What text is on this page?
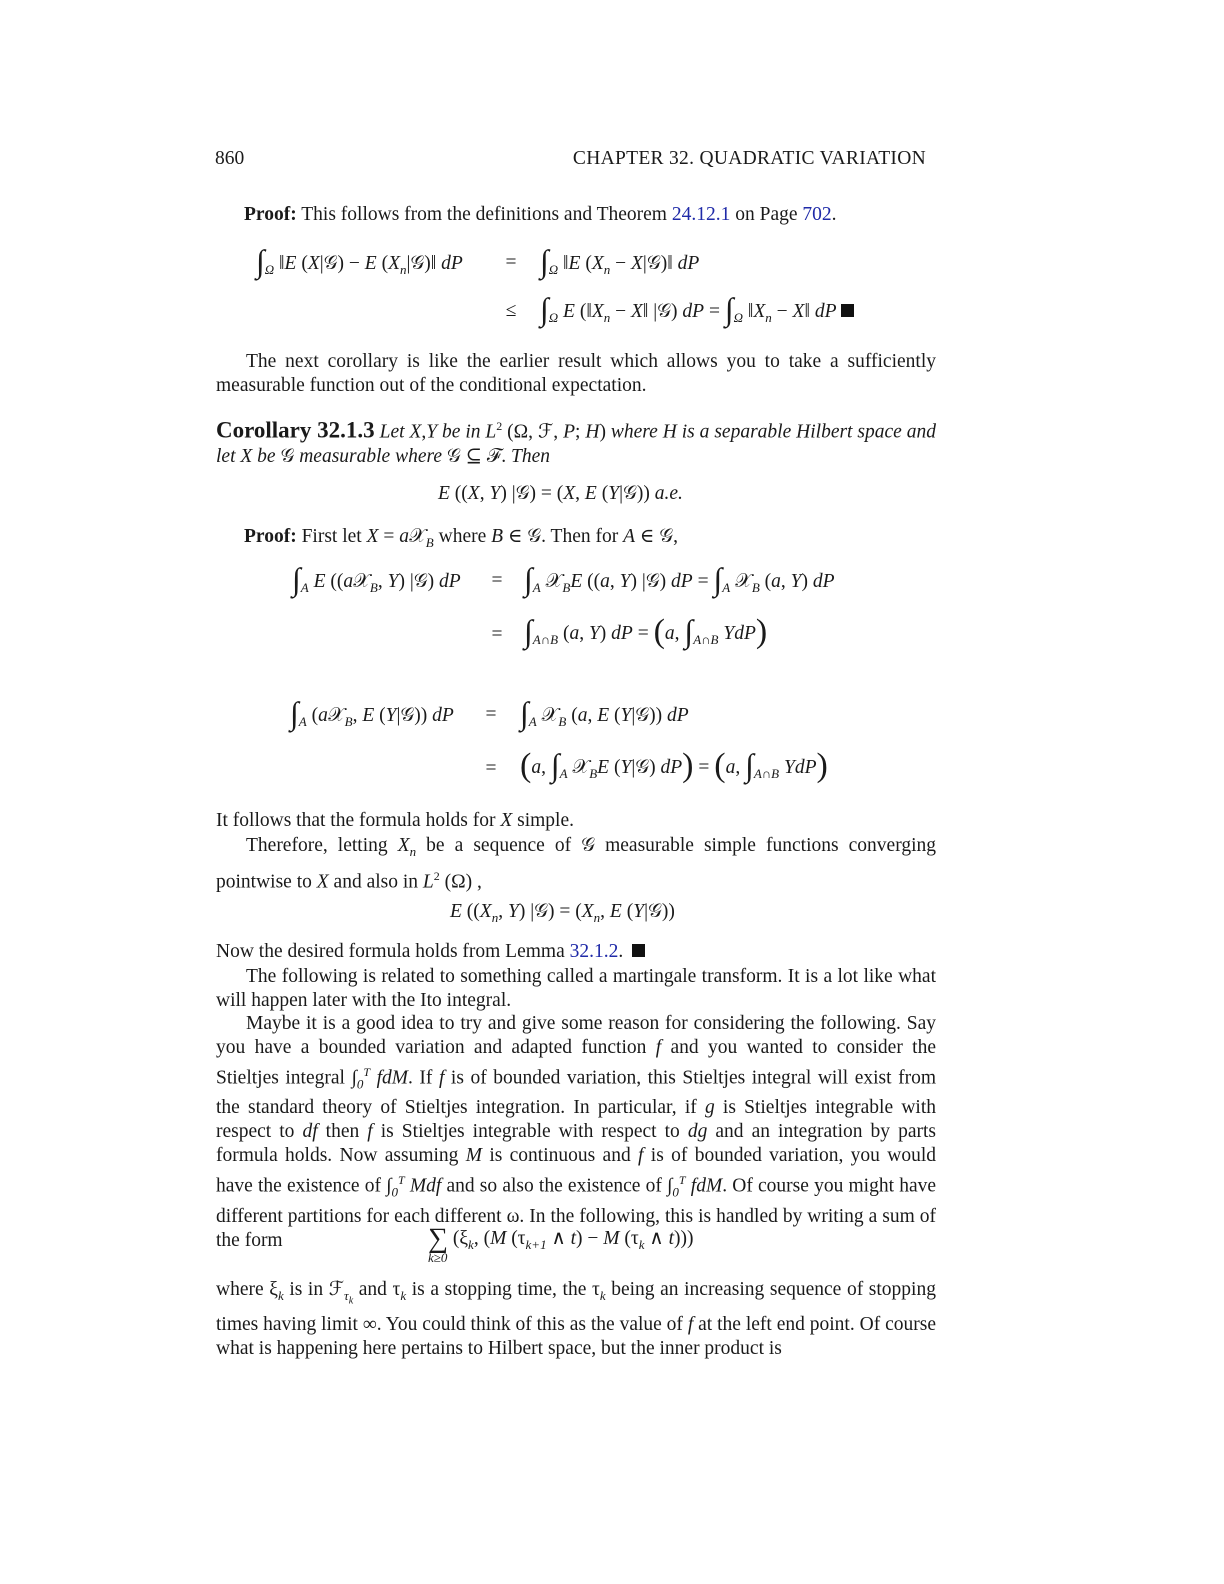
860	CHAPTER 32. QUADRATIC VARIATION
Proof: This follows from the definitions and Theorem 24.12.1 on Page 702.
$\int_\Omega$ ‖E (X|𝒢) − E $(X_n|𝒢)‖$ dP	= $\int_\Omega$ ‖E ($X_n$ − X|𝒢)‖ dP
≤ $\int_\Omega$ E ($‖X_n$ − X‖ |𝒢) dP = $\int_\Omega$ $‖X_n$ − X‖ dP
The next corollary is like the earlier result which allows you to take a sufficiently measurable function out of the conditional expectation.
Corollary 32.1.3 Let X,Y be in $L^2$ (Ω, ℱ, P; H) where H is a separable Hilbert space and let X be 𝒢 measurable where 𝒢 ⊆ ℱ. Then
E ((X, Y) |𝒢) = (X, E (Y|𝒢)) a.e.
Proof: First let X = a𝒳$_B$ where B ∈ 𝒢. Then for A ∈ 𝒢,
$\int_A$ E ((a𝒳$_B$, Y) |𝒢) dP	= $\int_A$ 𝒳$_B$E ((a, Y) |𝒢) dP = $\int_A$ 𝒳$_B$ (a, Y) dP
= $\int_{A\cap B}$ (a, Y) dP = (a, $\int_{A\cap B}$ YdP)
$\int_A$ (a𝒳$_B$, E (Y|𝒢)) dP	= $\int_A$ 𝒳$_B$ (a, E (Y|𝒢)) dP
= (a, $\int_A$ 𝒳$_B$E (Y|𝒢) dP) = (a, $\int_{A\cap B}$ YdP)
It follows that the formula holds for X simple.
Therefore, letting $X_n$ be a sequence of 𝒢 measurable simple functions converging pointwise to X and also in $L^2$ (Ω) ,
E (($X_n$, Y) |𝒢) = ($X_n$, E (Y|𝒢))
Now the desired formula holds from Lemma 32.1.2.
The following is related to something called a martingale transform. It is a lot like what will happen later with the Ito integral.
Maybe it is a good idea to try and give some reason for considering the following. Say you have a bounded variation and adapted function f and you wanted to consider the Stieltjes integral $\int_0^T$ fdM. If f is of bounded variation, this Stieltjes integral will exist from the standard theory of Stieltjes integration. In particular, if g is Stieltjes integrable with respect to df then f is Stieltjes integrable with respect to dg and an integration by parts formula holds. Now assuming M is continuous and f is of bounded variation, you would have the existence of $\int_0^T$ Mdf and so also the existence of $\int_0^T$ fdM. Of course you might have different partitions for each different ω. In the following, this is handled by writing a sum of the form	∑ ($\xi_k$, (M ($\tau_{k+1}$ ∧ t) − M ($\tau_k$ ∧ t)))
k≥0
where $\xi_k$ is in ℱ$_{\tau_k}$ and $\tau_k$ is a stopping time, the $\tau_k$ being an increasing sequence of stopping times having limit ∞. You could think of this as the value of f at the left end point. Of course what is happening here pertains to Hilbert space, but the inner product is
